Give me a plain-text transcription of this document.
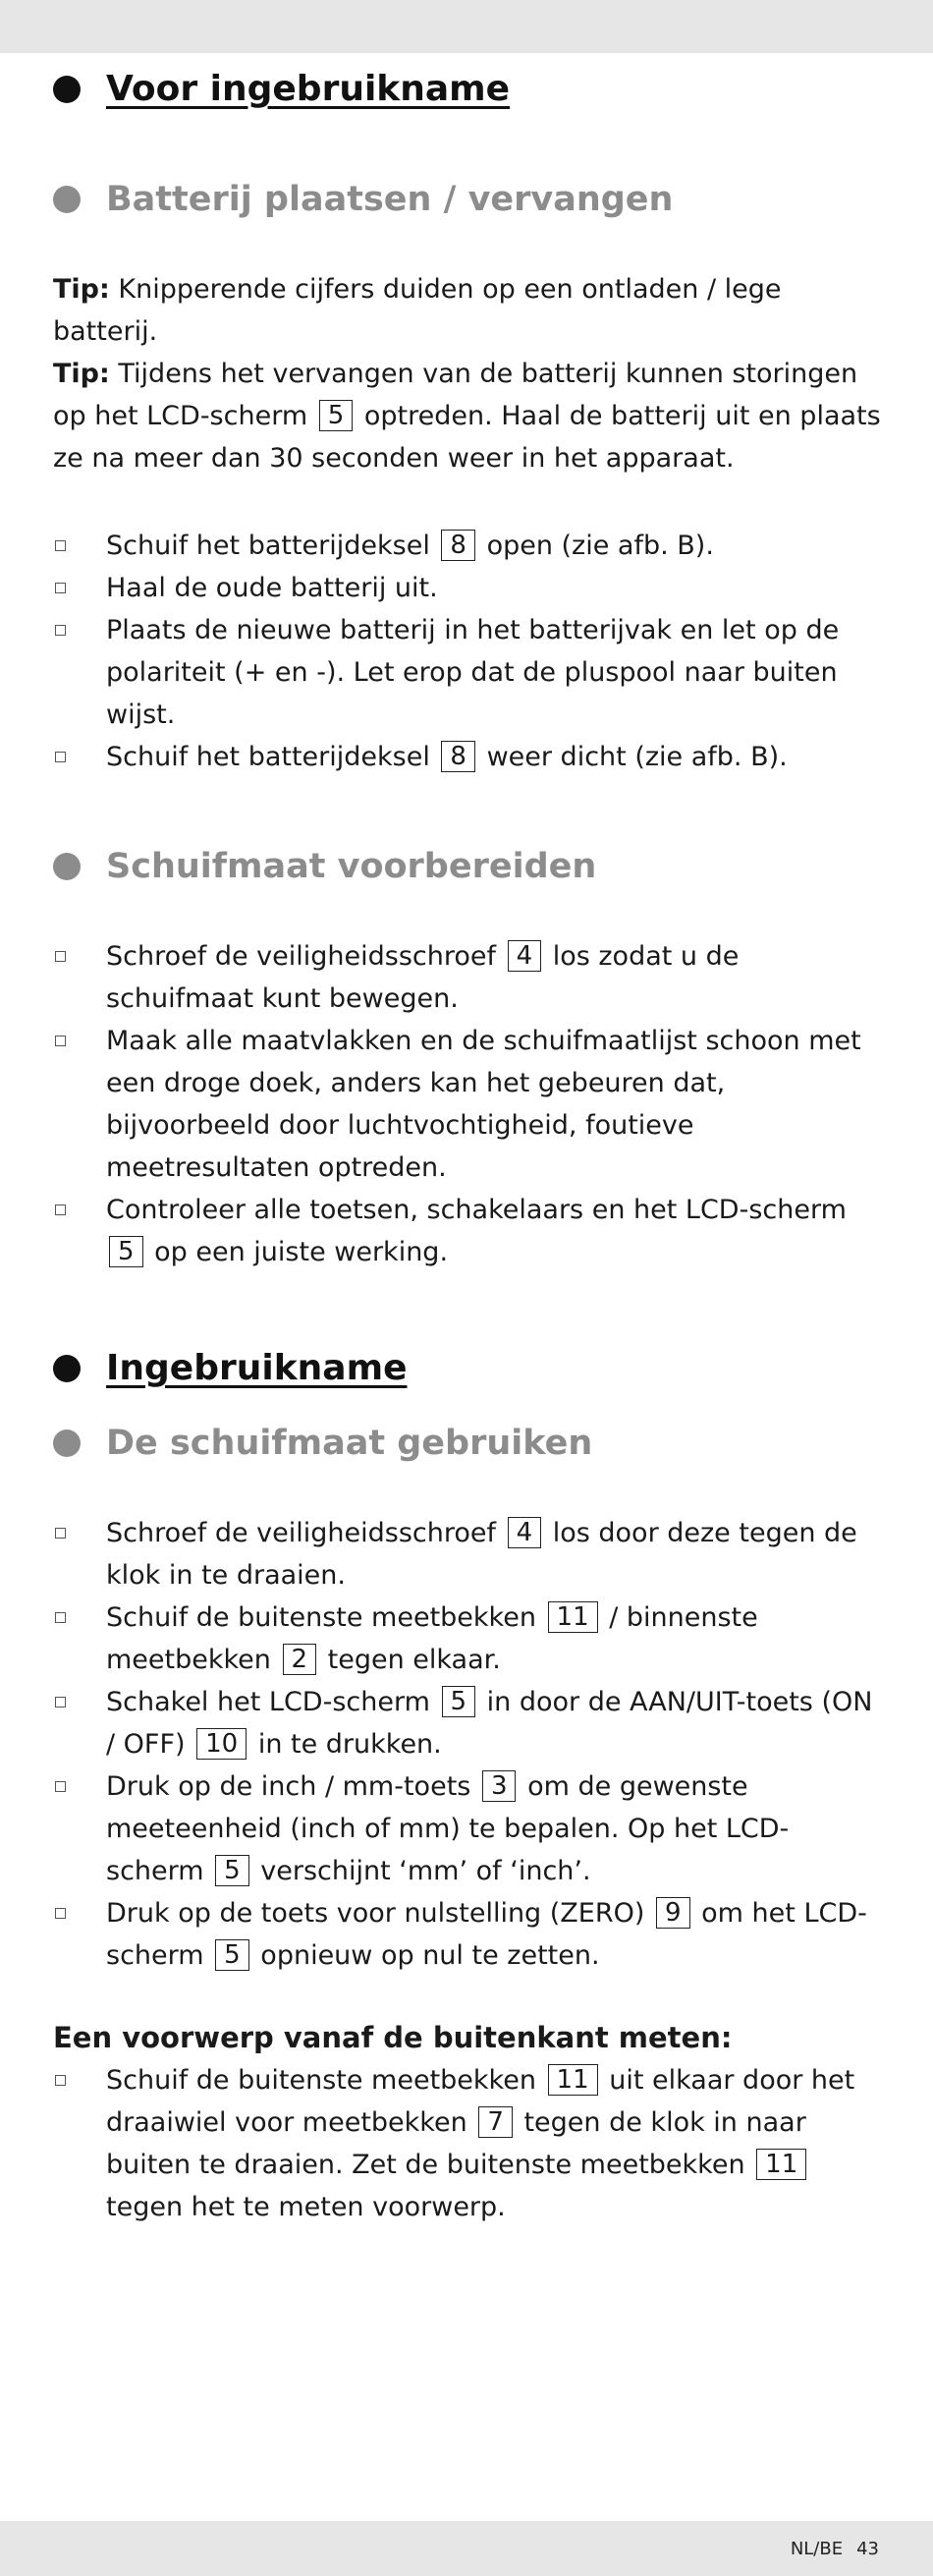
Voor ingebruikname
Batterij plaatsen / vervangen

Tip: Knipperende cijfers duiden op een ontladen / lege batterij.

Tip: Tijdens het vervangen van de batterij kunnen storingen op het LCD-scherm 5 optreden. Haal de batterij uit en plaats ze na meer dan 30 seconden weer in het apparaat.

Schuif het batterijdeksel 8 open (zie afb. B).
Haal de oude batterij uit.
Plaats de nieuwe batterij in het batterijvak en let op de polariteit (+ en -). Let erop dat de pluspool naar buiten wijst.
Schuif het batterijdeksel 8 weer dicht (zie afb. B).
Schuifmaat voorbereiden
Schroef de veiligheidsschroef 4 los zodat u de schuifmaat kunt bewegen.
Maak alle maatvlakken en de schuifmaatlijst schoon met een droge doek, anders kan het gebeuren dat, bijvoorbeeld door luchtvochtigheid, foutieve meetresultaten optreden.
Controleer alle toetsen, schakelaars en het LCD-scherm 5 op een juiste werking.
Ingebruikname
De schuifmaat gebruiken
Schroef de veiligheidsschroef 4 los door deze tegen de klok in te draaien.
Schuif de buitenste meetbekken 11 / binnenste meetbekken 2 tegen elkaar.
Schakel het LCD-scherm 5 in door de AAN/UIT-toets (ON / OFF) 10 in te drukken.
Druk op de inch / mm-toets 3 om de gewenste meeteenheid (inch of mm) te bepalen. Op het LCD-scherm 5 verschijnt ‘mm’ of ‘inch’.
Druk op de toets voor nulstelling (ZERO) 9 om het LCD-scherm 5 opnieuw op nul te zetten.
Een voorwerp vanaf de buitenkant meten:
Schuif de buitenste meetbekken 11 uit elkaar door het draaiwiel voor meetbekken 7 tegen de klok in naar buiten te draaien. Zet de buitenste meetbekken 11 tegen het te meten voorwerp.
NL/BE 43
